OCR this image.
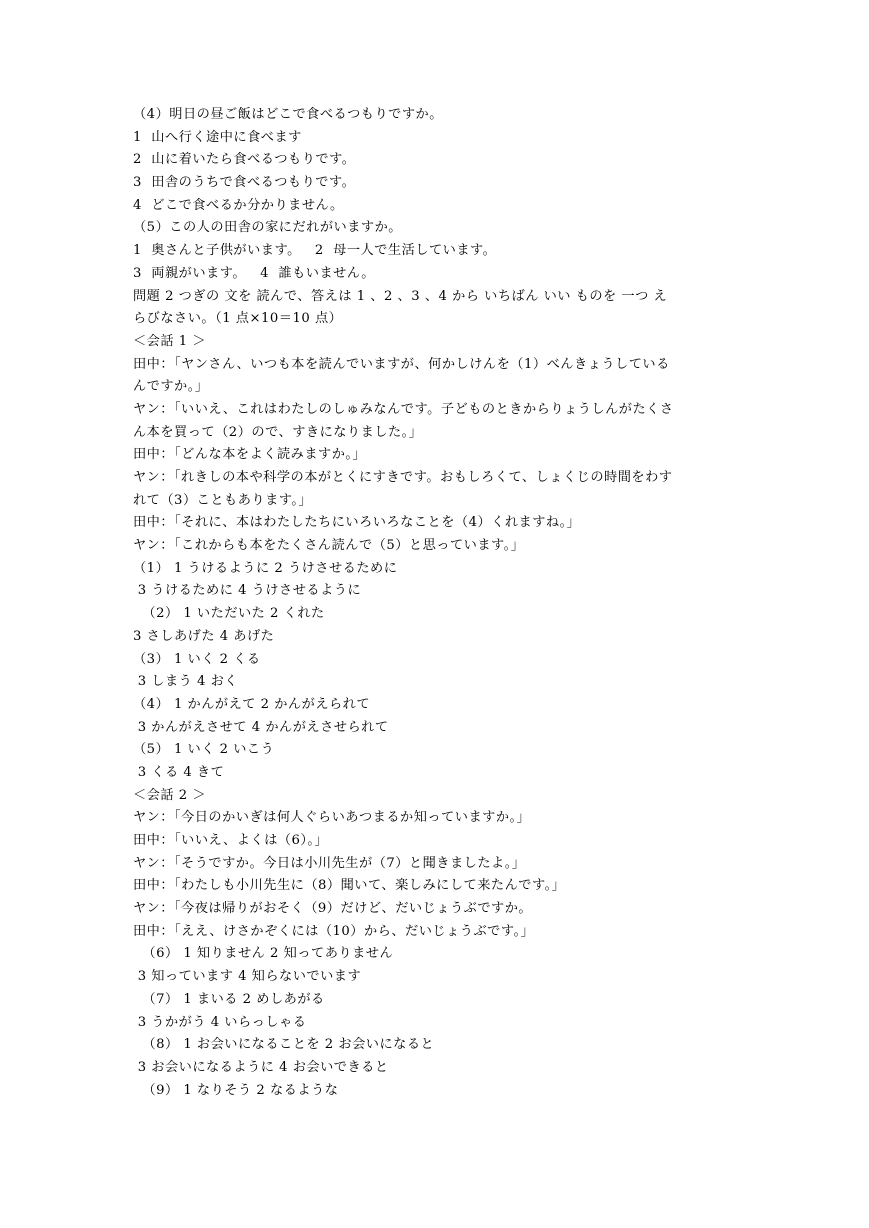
（4）明日の昼ご飯はどこで食べるつもりですか。
1  山へ行く途中に食べます
2  山に着いたら食べるつもりです。
3  田舎のうちで食べるつもりです。
4  どこで食べるか分かりません。
（5）この人の田舎の家にだれがいますか。
1  奥さんと子供がいます。   2  母一人で生活しています。
3  両親がいます。   4  誰もいません。
問題 2 つぎの 文を 読んで、答えは 1 、2 、3 、4 から いちばん いい ものを 一つ え
らびなさい。（1 点×10＝10 点）
＜会話 1 ＞
田中：「ヤンさん、いつも本を読んでいますが、何かしけんを（1）べんきょうしている
んですか。」
ヤン：「いいえ、これはわたしのしゅみなんです。子どものときからりょうしんがたくさ
ん本を買って（2）ので、すきになりました。」
田中：「どんな本をよく読みますか。」
ヤン：「れきしの本や科学の本がとくにすきです。おもしろくて、しょくじの時間をわす
れて（3）こともあります。」
田中：「それに、本はわたしたちにいろいろなことを（4）くれますね。」
ヤン：「これからも本をたくさん読んで（5）と思っています。」
（1） 1 うけるように 2 うけさせるために
3 うけるために 4 うけさせるように
（2） 1 いただいた 2 くれた
3 さしあげた 4 あげた
（3） 1 いく 2 くる
3 しまう 4 おく
（4） 1 かんがえて 2 かんがえられて
3 かんがえさせて 4 かんがえさせられて
（5） 1 いく 2 いこう
3 くる 4 きて
＜会話 2 ＞
ヤン：「今日のかいぎは何人ぐらいあつまるか知っていますか。」
田中：「いいえ、よくは（6）。」
ヤン：「そうですか。今日は小川先生が（7）と聞きましたよ。」
田中：「わたしも小川先生に（8）聞いて、楽しみにして来たんです。」
ヤン：「今夜は帰りがおそく（9）だけど、だいじょうぶですか。
田中：「ええ、けさかぞくには（10）から、だいじょうぶです。」
（6） 1 知りません 2 知ってありません
3 知っています 4 知らないでいます
（7） 1 まいる 2 めしあがる
3 うかがう 4 いらっしゃる
（8） 1 お会いになることを 2 お会いになると
3 お会いになるように 4 お会いできると
（9） 1 なりそう 2 なるような
